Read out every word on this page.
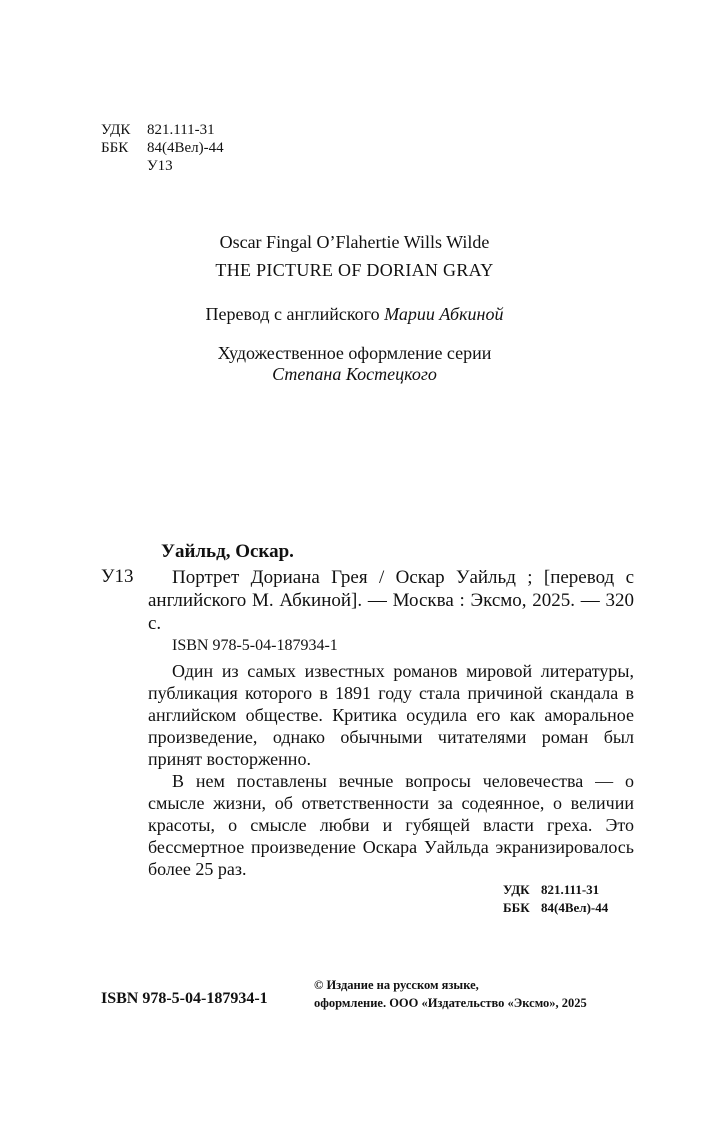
УДК	821.111-31
ББК	84(4Вел)-44
У13
Oscar Fingal O’Flahertie Wills Wilde
THE PICTURE OF DORIAN GRAY
Перевод с английского Марии Абкиной
Художественное оформление серии
Степана Костецкого
Уайльд, Оскар.
У13	Портрет Дориана Грея / Оскар Уайльд ; [перевод с английского М. Абкиной]. — Москва : Эксмо, 2025. — 320 с.
ISBN 978-5-04-187934-1

Один из самых известных романов мировой литературы, публикация которого в 1891 году стала причиной скандала в английском обществе. Критика осудила его как аморальное произведение, однако обычными читателями роман был принят восторженно.

В нем поставлены вечные вопросы человечества — о смысле жизни, об ответственности за содеянное, о величии красоты, о смысле любви и губящей власти греха. Это бессмертное произведение Оскара Уайльда экранизировалось более 25 раз.

УДК 821.111-31
ББК 84(4Вел)-44
ISBN 978-5-04-187934-1
© Издание на русском языке,
оформление. ООО «Издательство «Эксмо», 2025
